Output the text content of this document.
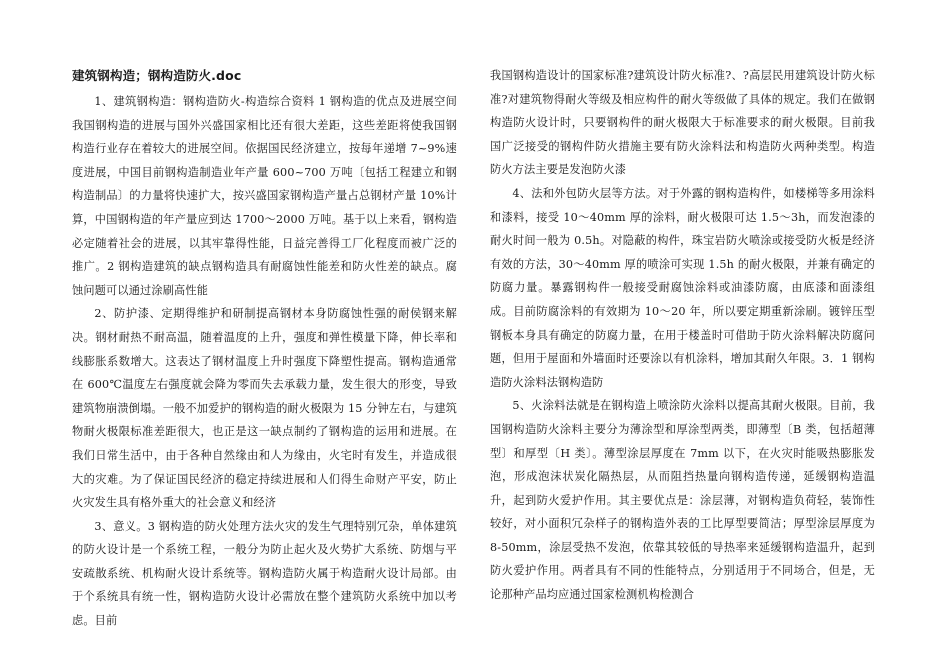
建筑钢构造；钢构造防火.doc

1、建筑钢构造：钢构造防火-构造综合资料 1 钢构造的优点及进展空间我国钢构造的进展与国外兴盛国家相比还有很大差距，这些差距将使我国钢构造行业存在着较大的进展空间。依据国民经济建立，按每年递增 7~9%速度进展，中国目前钢构造制造业年产量 600~700 万吨〔包括工程建立和钢构造制品〕的力量将快速扩大，按兴盛国家钢构造产量占总钢材产量 10%计算，中国钢构造的年产量应到达 1700～2000 万吨。基于以上来看，钢构造必定随着社会的进展，以其牢靠得性能，日益完善得工厂化程度而被广泛的推广。2 钢构造建筑的缺点钢构造具有耐腐蚀性能差和防火性差的缺点。腐蚀问题可以通过涂刷高性能

2、防护漆、定期得维护和研制提高钢材本身防腐蚀性强的耐侯钢来解决。钢材耐热不耐高温，随着温度的上升，强度和弹性模量下降，伸长率和线膨胀系数增大。这表达了钢材温度上升时强度下降塑性提高。钢构造通常在 600℃温度左右强度就会降为零而失去承载力量，发生很大的形变，导致建筑物崩溃倒塌。一般不加爱护的钢构造的耐火极限为 15 分钟左右，与建筑物耐火极限标准差距很大，也正是这一缺点制约了钢构造的运用和进展。在我们日常生活中，由于各种自然缘由和人为缘由，火宅时有发生，并造成很大的灾难。为了保证国民经济的稳定持续进展和人们得生命财产平安，防止火灾发生具有格外重大的社会意义和经济

3、意义。3 钢构造的防火处理方法火灾的发生气理特别冗杂，单体建筑的防火设计是一个系统工程，一般分为防止起火及火势扩大系统、防烟与平安疏散系统、机构耐火设计系统等。钢构造防火属于构造耐火设计局部。由于个系统具有统一性，钢构造防火设计必需放在整个建筑防火系统中加以考虑。目前

我国钢构造设计的国家标准?建筑设计防火标准?、?高层民用建筑设计防火标准?对建筑物得耐火等级及相应构件的耐火等级做了具体的规定。我们在做钢构造防火设计时，只要钢构件的耐火极限大于标准要求的耐火极限。目前我国广泛接受的钢构件防火措施主要有防火涂料法和构造防火两种类型。构造防火方法主要是发泡防火漆

4、法和外包防火层等方法。对于外露的钢构造构件，如楼梯等多用涂料和漆料，接受 10～40mm 厚的涂料，耐火极限可达 1.5～3h，而发泡漆的耐火时间一般为 0.5h。对隐蔽的构件，珠宝岩防火喷涂或接受防火板是经济有效的方法，30～40mm 厚的喷涂可实现 1.5h 的耐火极限，并兼有确定的防腐力量。暴露钢构件一般接受耐腐蚀涂料或油漆防腐，由底漆和面漆组成。目前防腐涂料的有效期为 10～20 年，所以要定期重新涂刷。镀锌压型钢板本身具有确定的防腐力量，在用于楼盖时可借助于防火涂料解决防腐问题，但用于屋面和外墙面时还要涂以有机涂料，增加其耐久年限。3．1 钢构造防火涂料法钢构造防

5、火涂料法就是在钢构造上喷涂防火涂料以提高其耐火极限。目前，我国钢构造防火涂料主要分为薄涂型和厚涂型两类，即薄型〔B 类，包括超薄型〕和厚型〔H 类〕。薄型涂层厚度在 7mm 以下，在火灾时能吸热膨胀发泡，形成泡沫状炭化隔热层，从而阻挡热量向钢构造传递，延缓钢构造温升，起到防火爱护作用。其主要优点是：涂层薄，对钢构造负荷轻，装饰性较好，对小面积冗杂样子的钢构造外表的工比厚型要简洁；厚型涂层厚度为 8-50mm，涂层受热不发泡，依靠其较低的导热率来延缓钢构造温升，起到防火爱护作用。两者具有不同的性能特点，分别适用于不同场合，但是，无论那种产品均应通过国家检测机构检测合
